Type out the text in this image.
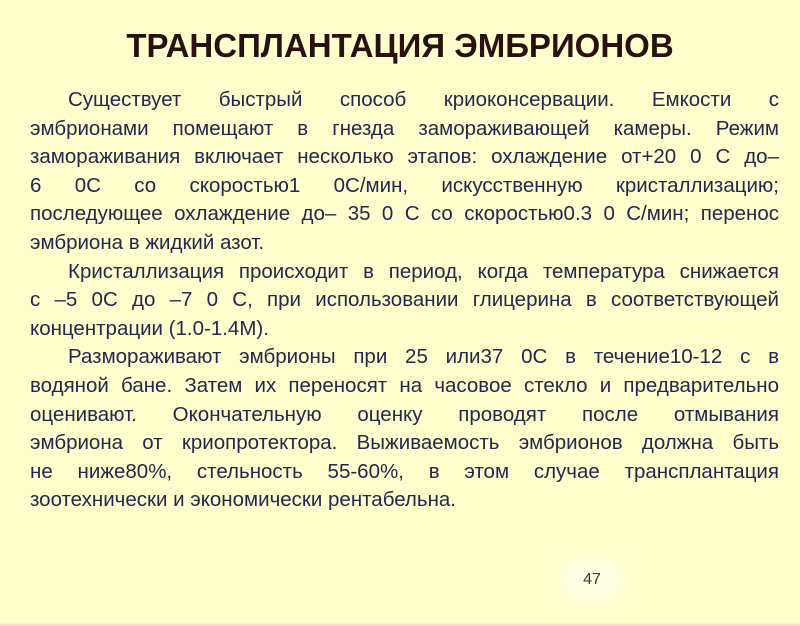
ТРАНСПЛАНТАЦИЯ ЭМБРИОНОВ
Существует быстрый способ криоконсервации. Емкости с
эмбрионами помещают в гнезда замораживающей камеры. Режим
замораживания включает несколько этапов: охлаждение от+20 0 С до–
6 0С со скоростью1 0С/мин, искусственную кристаллизацию;
последующее охлаждение до– 35 0 С со скоростью0.3 0 С/мин; перенос
эмбриона в жидкий азот.
Кристаллизация происходит в период, когда температура снижается
с –5 0С до –7 0 С, при использовании глицерина в соответствующей
концентрации (1.0-1.4М).
Размораживают эмбрионы при 25 или37 0С в течение10-12 с в
водяной бане. Затем их переносят на часовое стекло и предварительно
оценивают. Окончательную оценку проводят после отмывания
эмбриона от криопротектора. Выживаемость эмбрионов должна быть
не ниже80%, стельность 55-60%, в этом случае трансплантация
зоотехнически и экономически рентабельна.
47
